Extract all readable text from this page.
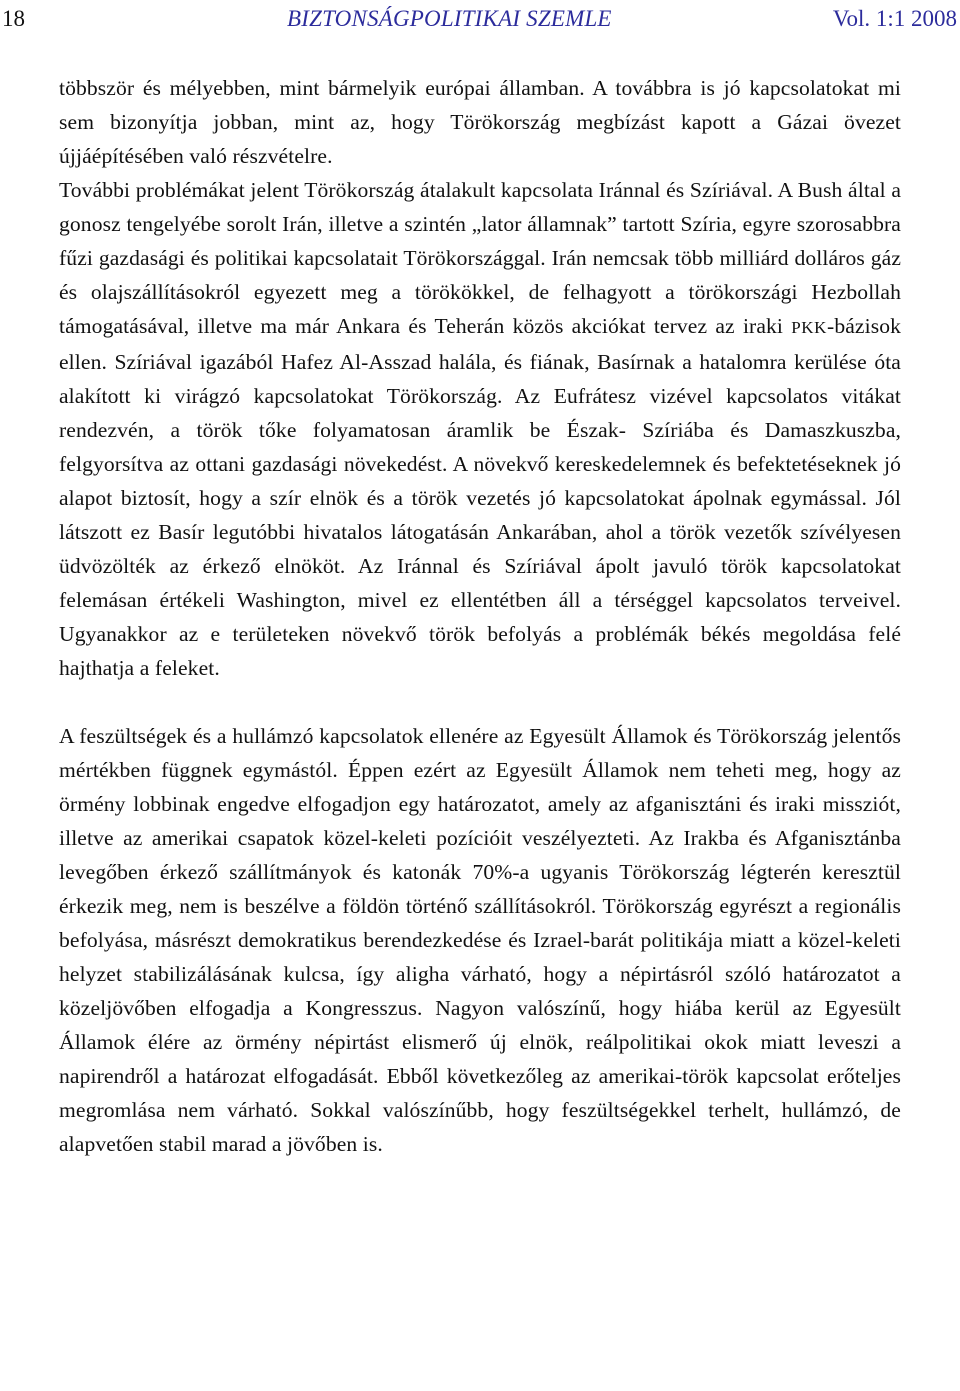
18	BIZTONSÁGPOLITIKAI SZEMLE	Vol. 1:1 2008

többször és mélyebben, mint bármelyik európai államban. A továbbra is jó kapcsolatokat mi sem bizonyítja jobban, mint az, hogy Törökország megbízást kapott a Gázai övezet újjáépítésében való részvételre.

További problémákat jelent Törökország átalakult kapcsolata Iránnal és Szíriával. A Bush által a gonosz tengelyébe sorolt Irán, illetve a szintén „lator államnak” tartott Szíria, egyre szorosabbra fűzi gazdasági és politikai kapcsolatait Törökországgal. Irán nemcsak több milliárd dolláros gáz és olajszállításokról egyezett meg a törökökkel, de felhagyott a törökországi Hezbollah támogatásával, illetve ma már Ankara és Teherán közös akciókat tervez az iraki PKK-bázisok ellen. Szíriával igazából Hafez Al-Asszad halála, és fiának, Basírnak a hatalomra kerülése óta alakított ki virágzó kapcsolatokat Törökország. Az Eufrátesz vizével kapcsolatos vitákat rendezvén, a török tőke folyamatosan áramlik be Észak- Szíriába és Damaszkuszba, felgyorsítva az ottani gazdasági növekedést. A növekvő kereskedelemnek és befektetéseknek jó alapot biztosít, hogy a szír elnök és a török vezetés jó kapcsolatokat ápolnak egymással. Jól látszott ez Basír legutóbbi hivatalos látogatásán Ankarában, ahol a török vezetők szívélyesen üdvözölték az érkező elnököt. Az Iránnal és Szíriával ápolt javuló török kapcsolatokat felemásan értékeli Washington, mivel ez ellentétben áll a térséggel kapcsolatos terveivel. Ugyanakkor az e területeken növekvő török befolyás a problémák békés megoldása felé hajthatja a feleket.

A feszültségek és a hullámzó kapcsolatok ellenére az Egyesült Államok és Törökország jelentős mértékben függnek egymástól. Éppen ezért az Egyesült Államok nem teheti meg, hogy az örmény lobbinak engedve elfogadjon egy határozatot, amely az afganisztáni és iraki missziót, illetve az amerikai csapatok közel-keleti pozícióit veszélyezteti. Az Irakba és Afganisztánba levegőben érkező szállítmányok és katonák 70%-a ugyanis Törökország légterén keresztül érkezik meg, nem is beszélve a földön történő szállításokról. Törökország egyrészt a regionális befolyása, másrészt demokratikus berendezkedése és Izrael-barát politikája miatt a közel-keleti helyzet stabilizálásának kulcsa, így aligha várható, hogy a népirtásról szóló határozatot a közeljövőben elfogadja a Kongresszus. Nagyon valószínű, hogy hiába kerül az Egyesült Államok élére az örmény népirtást elismerő új elnök, reálpolitikai okok miatt leveszi a napirendről a határozat elfogadását. Ebből következőleg az amerikai-török kapcsolat erőteljes megromlása nem várható. Sokkal valószínűbb, hogy feszültségekkel terhelt, hullámzó, de alapvetően stabil marad a jövőben is.
